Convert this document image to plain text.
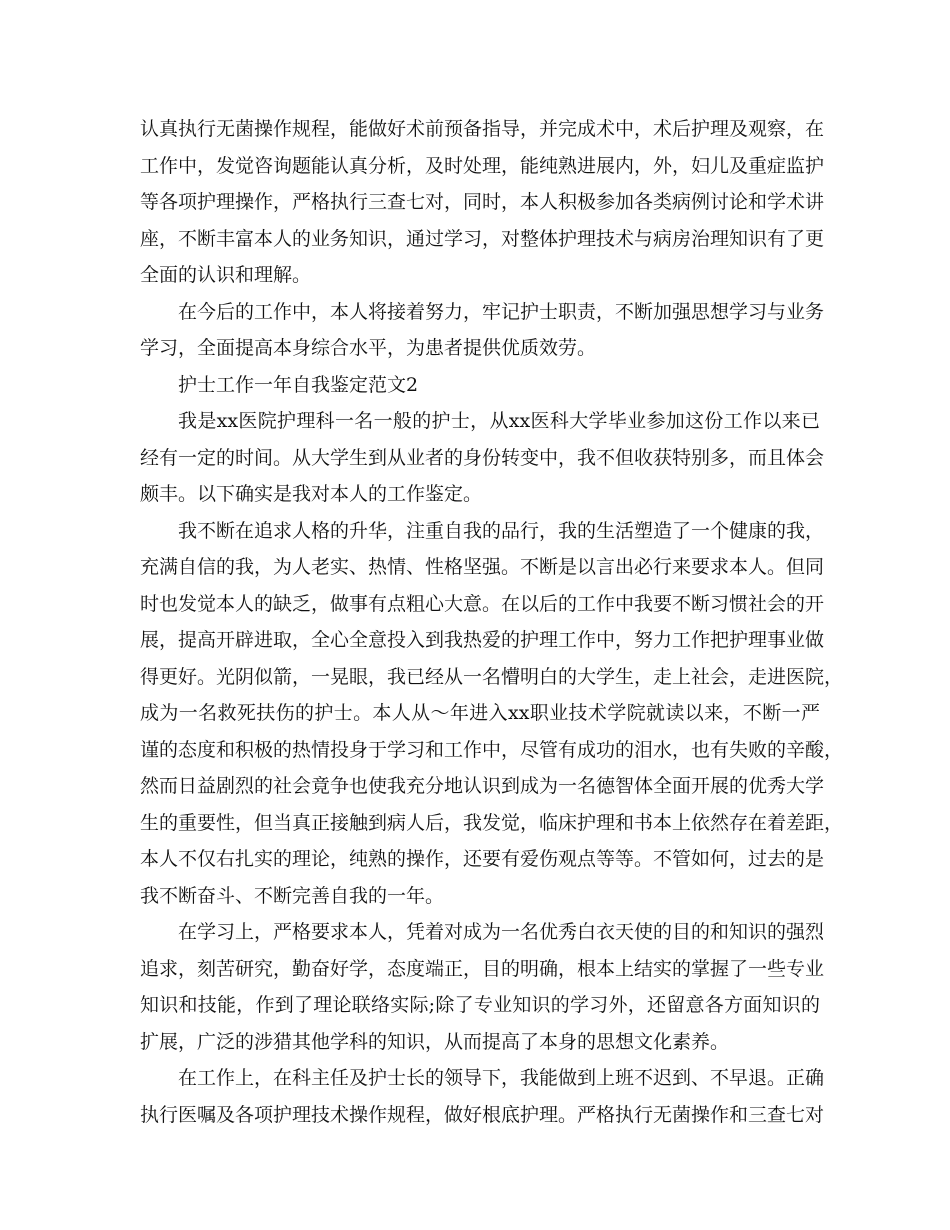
认真执行无菌操作规程，能做好术前预备指导，并完成术中，术后护理及观察，在
工作中，发觉咨询题能认真分析，及时处理，能纯熟进展内，外，妇儿及重症监护
等各项护理操作，严格执行三查七对，同时，本人积极参加各类病例讨论和学术讲
座，不断丰富本人的业务知识，通过学习，对整体护理技术与病房治理知识有了更
全面的认识和理解。
在今后的工作中，本人将接着努力，牢记护士职责，不断加强思想学习与业务
学习，全面提高本身综合水平，为患者提供优质效劳。
护士工作一年自我鉴定范文2
我是xx医院护理科一名一般的护士，从xx医科大学毕业参加这份工作以来已
经有一定的时间。从大学生到从业者的身份转变中，我不但收获特别多，而且体会
颇丰。以下确实是我对本人的工作鉴定。
我不断在追求人格的升华，注重自我的品行，我的生活塑造了一个健康的我，
充满自信的我，为人老实、热情、性格坚强。不断是以言出必行来要求本人。但同
时也发觉本人的缺乏，做事有点粗心大意。在以后的工作中我要不断习惯社会的开
展，提高开辟进取，全心全意投入到我热爱的护理工作中，努力工作把护理事业做
得更好。光阴似箭，一晃眼，我已经从一名懵明白的大学生，走上社会，走进医院，
成为一名救死扶伤的护士。本人从～年进入xx职业技术学院就读以来，不断一严
谨的态度和积极的热情投身于学习和工作中，尽管有成功的泪水，也有失败的辛酸，
然而日益剧烈的社会竟争也使我充分地认识到成为一名德智体全面开展的优秀大学
生的重要性，但当真正接触到病人后，我发觉，临床护理和书本上依然存在着差距，
本人不仅右扎实的理论，纯熟的操作，还要有爱伤观点等等。不管如何，过去的是
我不断奋斗、不断完善自我的一年。
在学习上，严格要求本人，凭着对成为一名优秀白衣天使的目的和知识的强烈
追求，刻苦研究，勤奋好学，态度端正，目的明确，根本上结实的掌握了一些专业
知识和技能，作到了理论联络实际;除了专业知识的学习外，还留意各方面知识的
扩展，广泛的涉猎其他学科的知识，从而提高了本身的思想文化素养。
在工作上，在科主任及护士长的领导下，我能做到上班不迟到、不早退。正确
执行医嘱及各项护理技术操作规程，做好根底护理。严格执行无菌操作和三查七对
